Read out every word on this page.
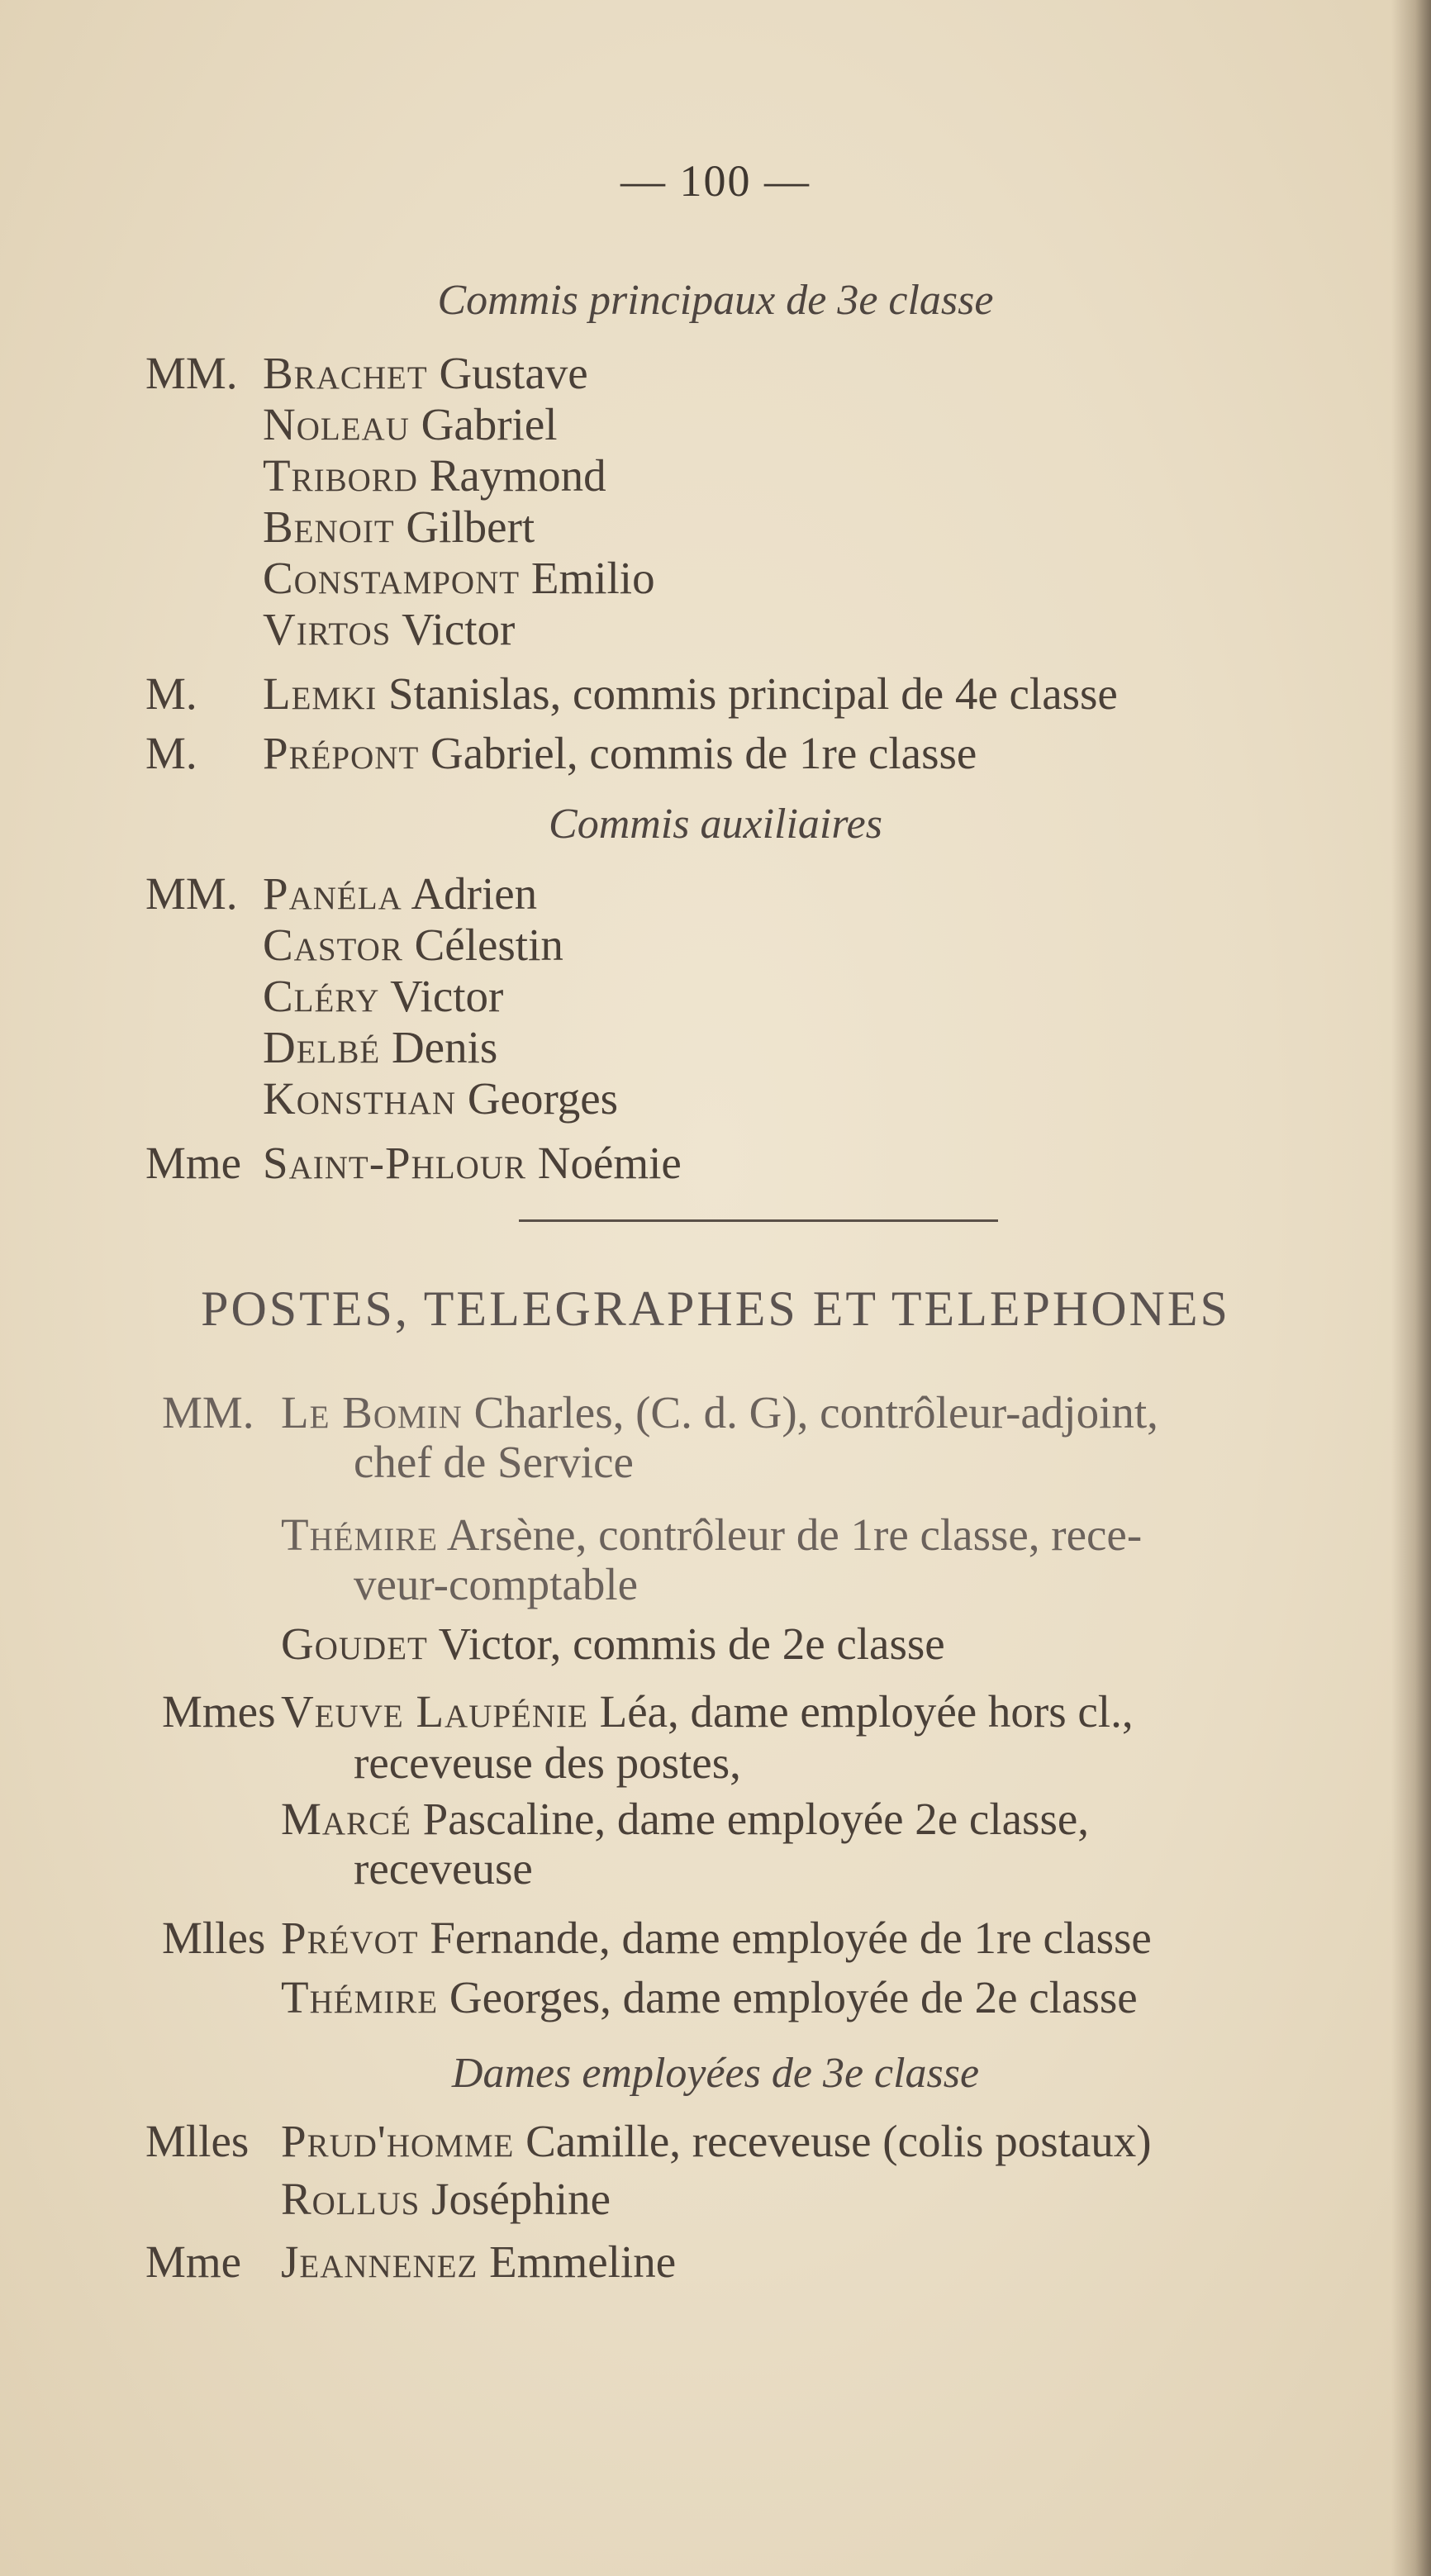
— 100 —
Commis principaux de 3e classe
MM. Brachet Gustave
Noleau Gabriel
Tribord Raymond
Benoit Gilbert
Constampont Emilio
Virtos Victor
M. Lemki Stanislas, commis principal de 4e classe
M. Prépont Gabriel, commis de 1re classe
Commis auxiliaires
MM. Panéla Adrien
Castor Célestin
Cléry Victor
Delbé Denis
Konsthan Georges
Mme Saint-Phlour Noémie
POSTES, TELEGRAPHES ET TELEPHONES
MM. Le Bomin Charles, (C. d. G), contrôleur-adjoint,
chef de Service
Thémire Arsène, contrôleur de 1re classe, rece-
veur-comptable
Goudet Victor, commis de 2e classe
Mmes Veuve Laupénie Léa, dame employée hors cl.,
receveuse des postes,
Marcé Pascaline, dame employée 2e classe,
receveuse
Mlles Prévot Fernande, dame employée de 1re classe
Thémire Georges, dame employée de 2e classe
Dames employées de 3e classe
Mlles Prud'homme Camille, receveuse (colis postaux)
Rollus Joséphine
Mme Jeannenez Emmeline
